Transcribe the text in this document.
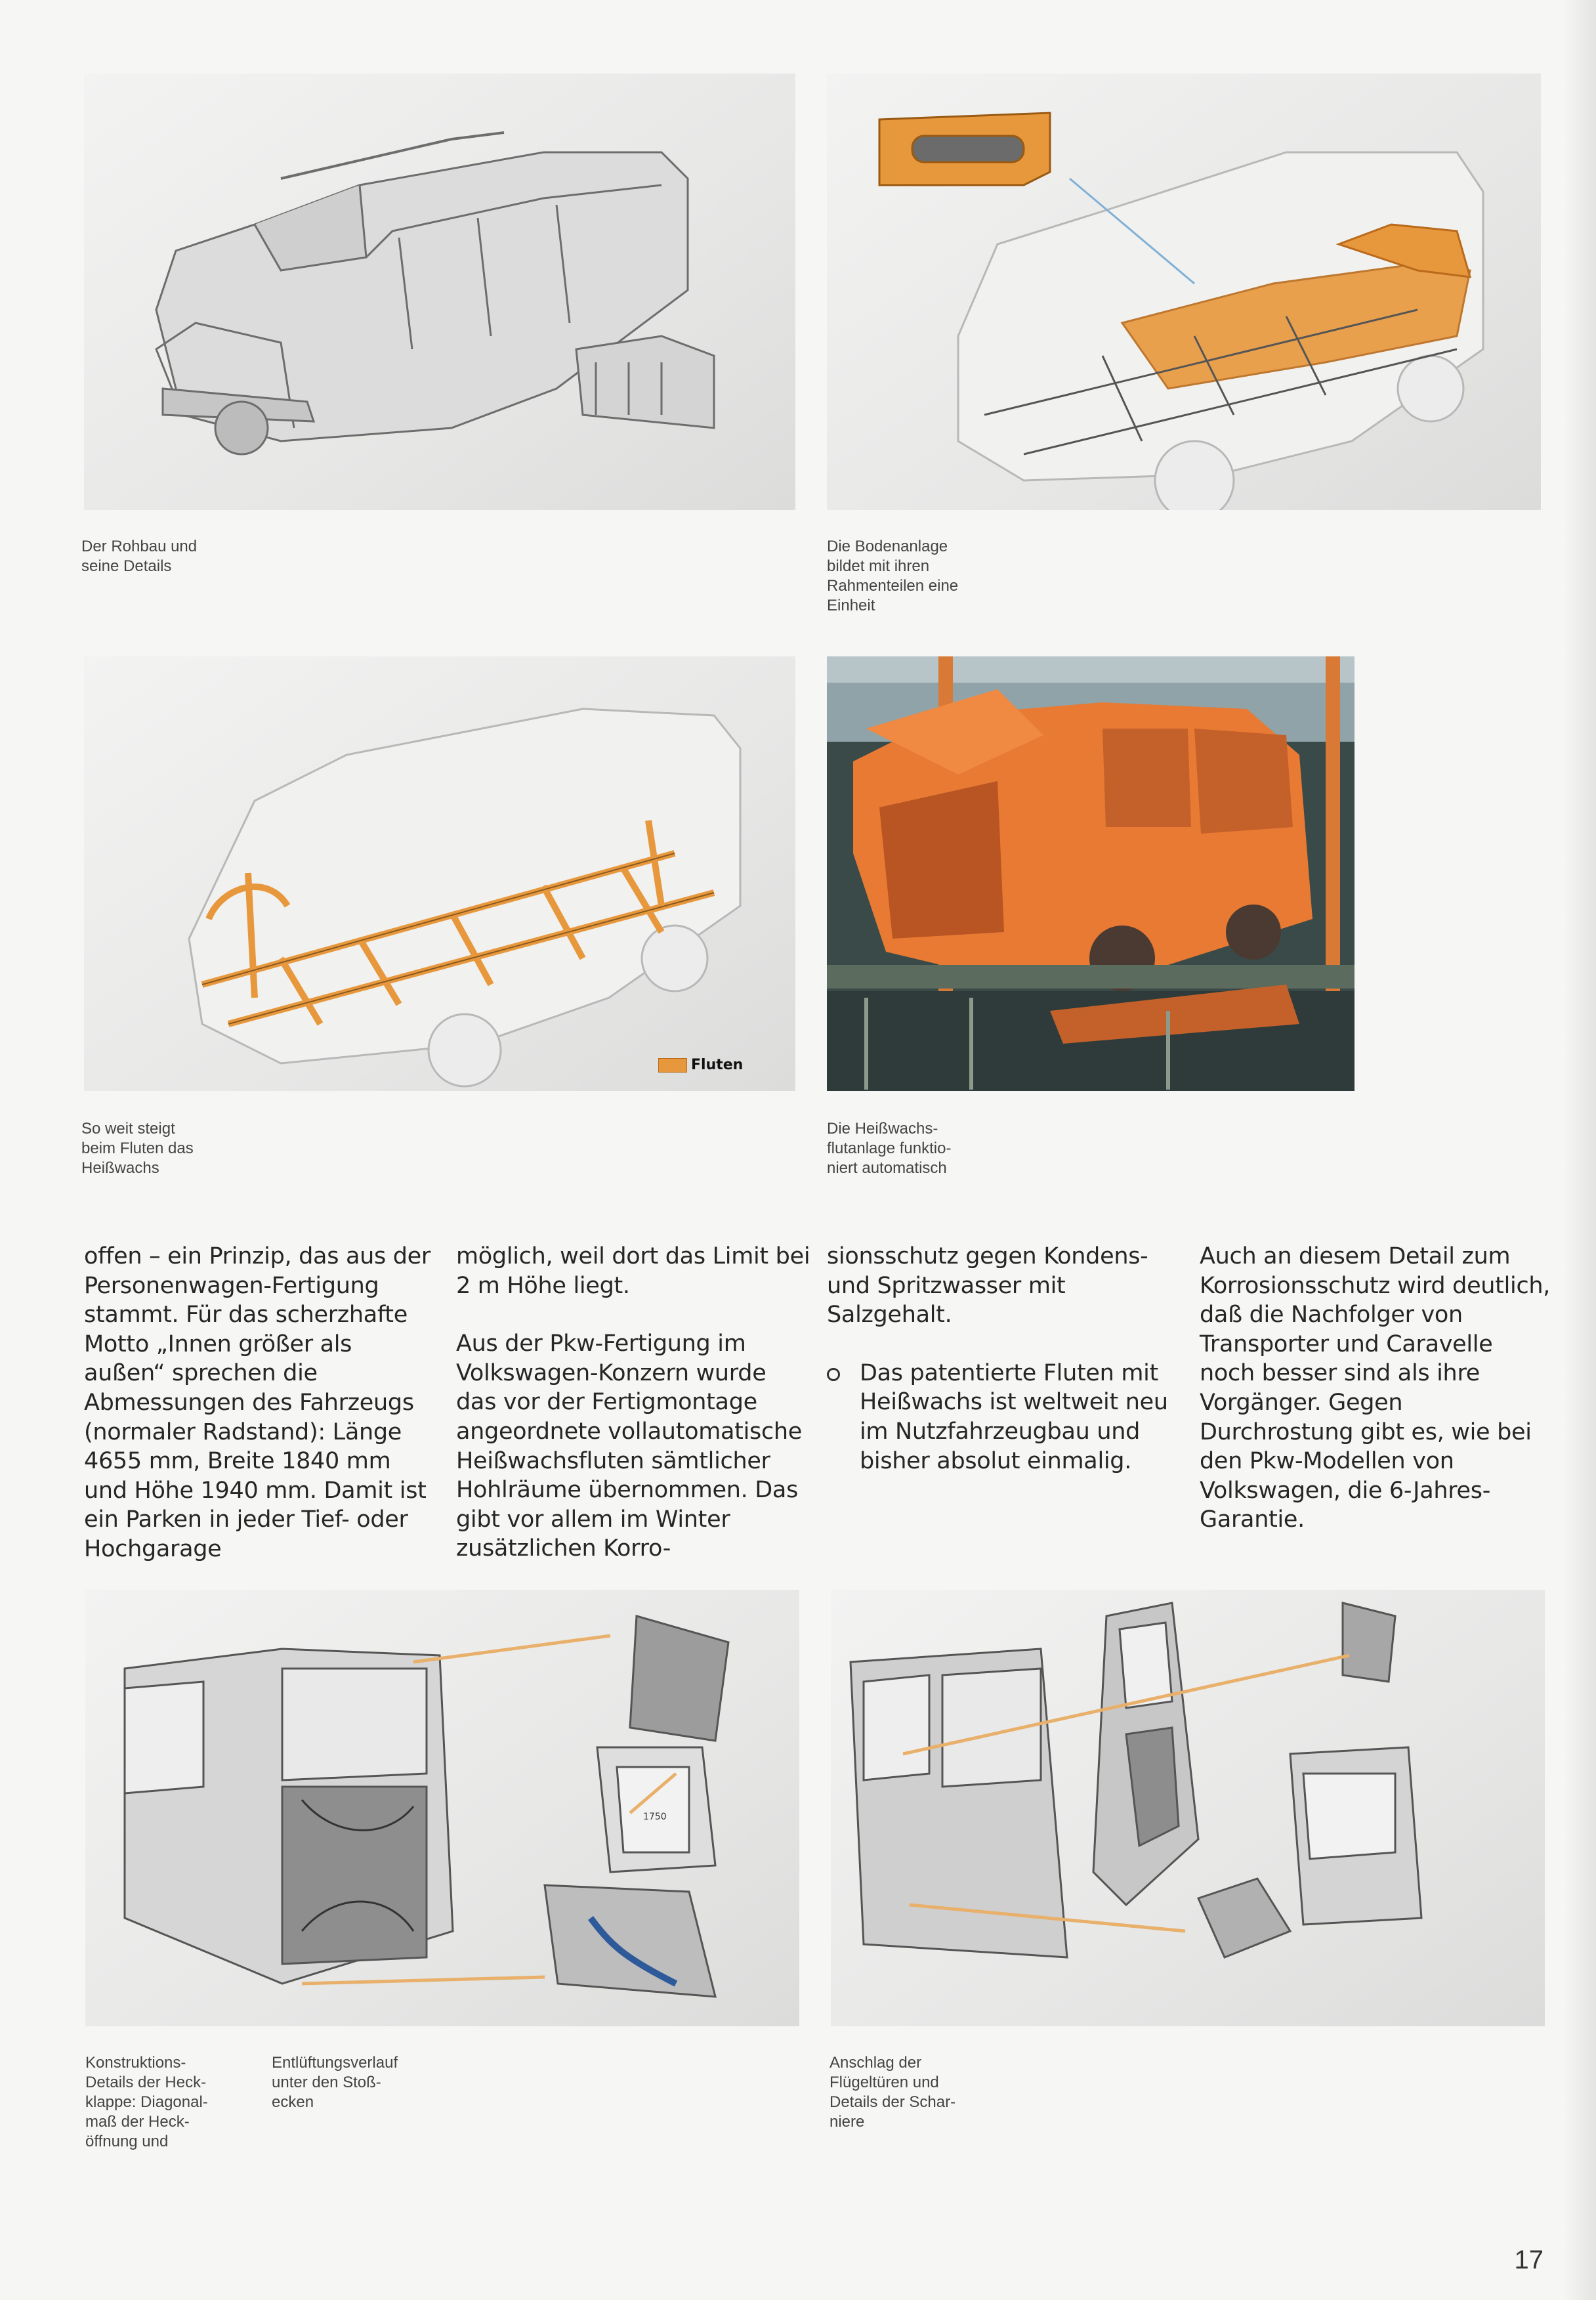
Der Rohbau und
seine Details
Die Bodenanlage
bildet mit ihren
Rahmenteilen eine
Einheit
Fluten
So weit steigt
beim Fluten das
Heißwachs
Die Heißwachs-
flutanlage funktio-
niert automatisch

offen – ein Prinzip, das aus der Personenwagen-Fertigung stammt. Für das scherzhafte Motto „Innen größer als außen“ sprechen die Abmessungen des Fahrzeugs (normaler Radstand): Länge 4655 mm, Breite 1840 mm und Höhe 1940 mm. Damit ist ein Parken in jeder Tief- oder Hochgarage

möglich, weil dort das Limit bei 2 m Höhe liegt.

Aus der Pkw-Fertigung im Volkswagen-Konzern wurde das vor der Fertigmontage angeordnete vollautomatische Heißwachsfluten sämtlicher Hohlräume übernommen. Das gibt vor allem im Winter zusätzlichen Korro-

sionsschutz gegen Kondens- und Spritzwasser mit Salzgehalt.

Das patentierte Fluten mit Heißwachs ist weltweit neu im Nutzfahrzeugbau und bisher absolut einmalig.

Auch an diesem Detail zum Korrosionsschutz wird deutlich, daß die Nachfolger von Transporter und Caravelle noch besser sind als ihre Vorgänger. Gegen Durchrostung gibt es, wie bei den Pkw-Modellen von Volkswagen, die 6-Jahres-Garantie.

1750
Konstruktions-
Details der Heck-
klappe: Diagonal-
maß der Heck-
öffnung und
Entlüftungsverlauf
unter den Stoß-
ecken
Anschlag der
Flügeltüren und
Details der Schar-
niere
17
